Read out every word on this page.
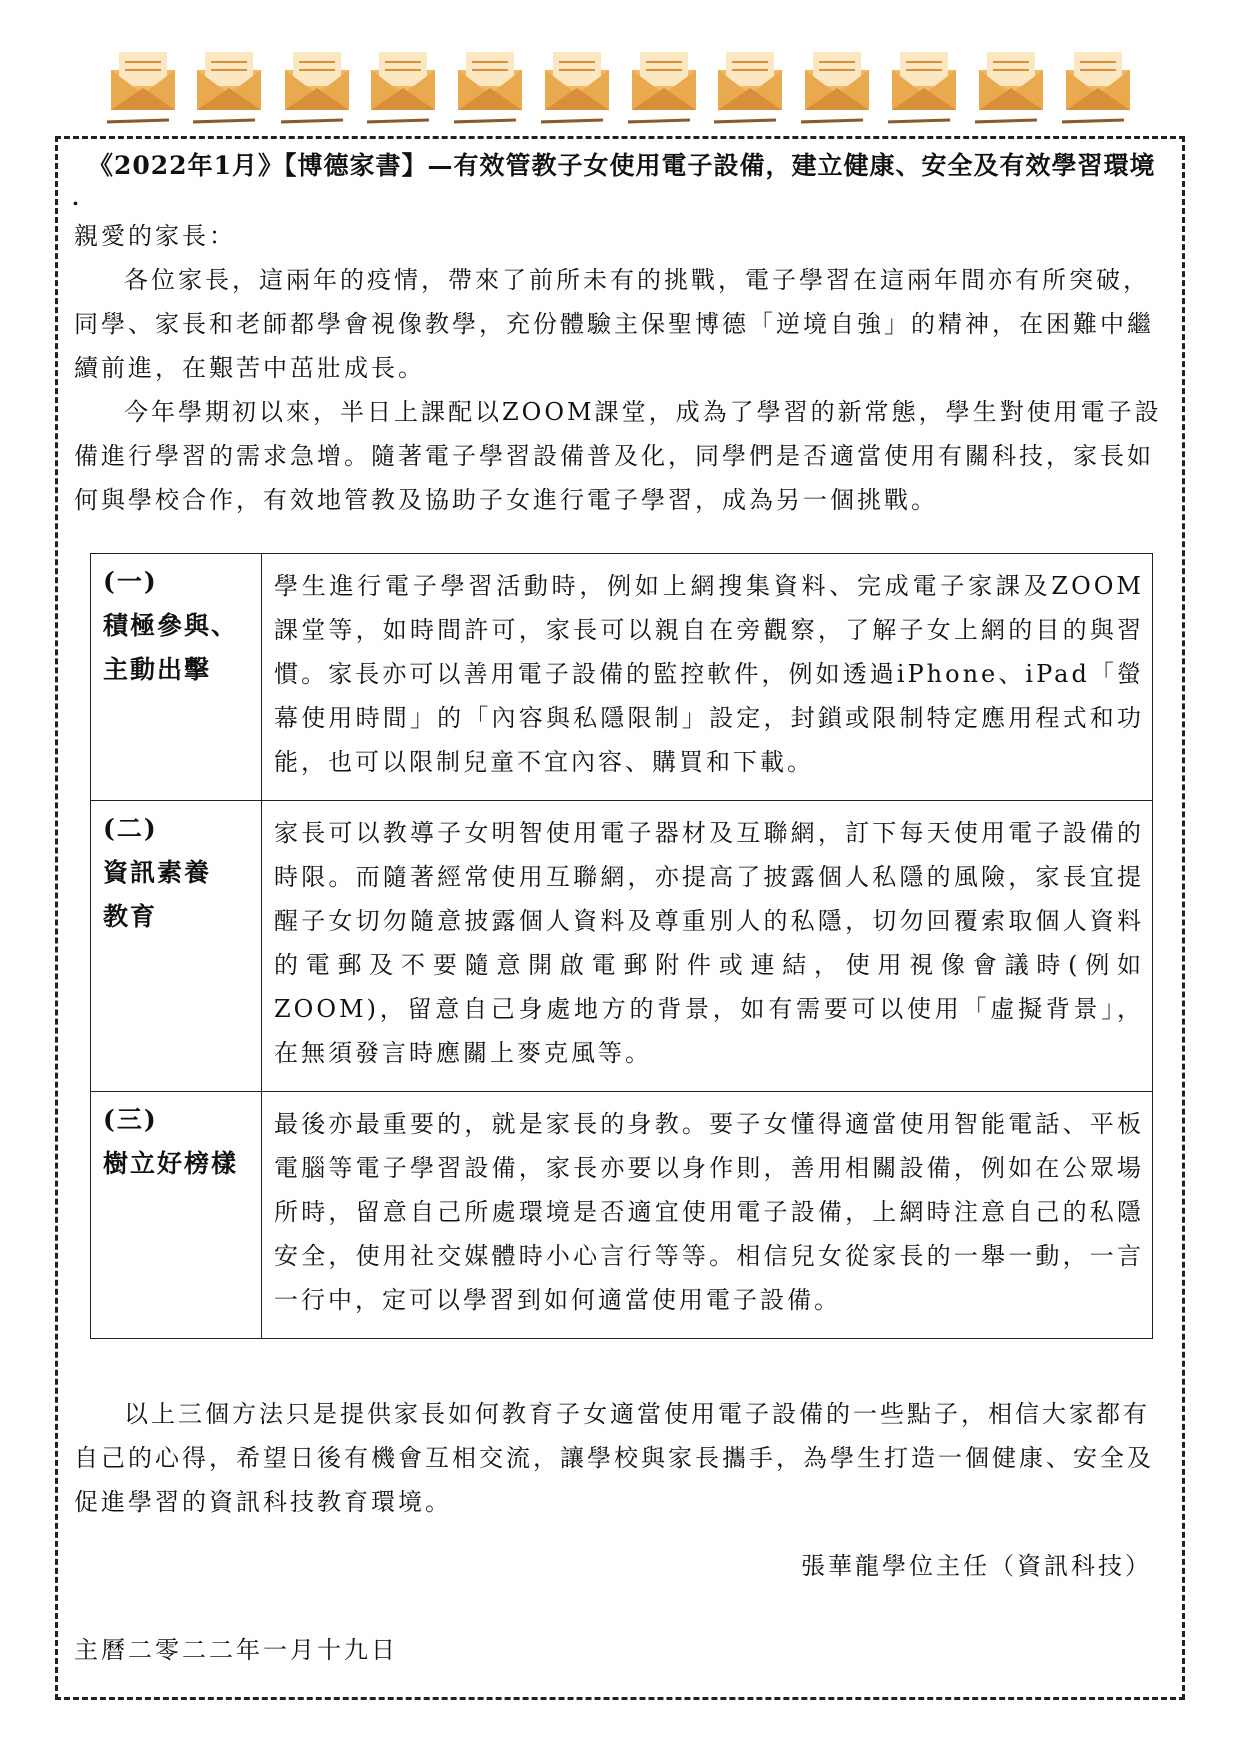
《2022年1月》【博德家書】—有效管教子女使用電子設備，建立健康、安全及有效學習環境
.

親愛的家長：

各位家長，這兩年的疫情，帶來了前所未有的挑戰，電子學習在這兩年間亦有所突破，同學、家長和老師都學會視像教學，充份體驗主保聖博德「逆境自強」的精神，在困難中繼續前進，在艱苦中茁壯成長。

今年學期初以來，半日上課配以ZOOM課堂，成為了學習的新常態，學生對使用電子設備進行學習的需求急增。隨著電子學習設備普及化，同學們是否適當使用有關科技，家長如何與學校合作，有效地管教及協助子女進行電子學習，成為另一個挑戰。

(一)
積極參與、主動出擊	學生進行電子學習活動時，例如上網搜集資料、完成電子家課及ZOOM課堂等，如時間許可，家長可以親自在旁觀察，了解子女上網的目的與習慣。家長亦可以善用電子設備的監控軟件，例如透過iPhone、iPad「螢幕使用時間」的「內容與私隱限制」設定，封鎖或限制特定應用程式和功能，也可以限制兒童不宜內容、購買和下載。

(二)
資訊素養教育	家長可以教導子女明智使用電子器材及互聯網，訂下每天使用電子設備的時限。而隨著經常使用互聯網，亦提高了披露個人私隱的風險，家長宜提醒子女切勿隨意披露個人資料及尊重別人的私隱，切勿回覆索取個人資料的電郵及不要隨意開啟電郵附件或連結，使用視像會議時(例如ZOOM)，留意自己身處地方的背景，如有需要可以使用「虛擬背景」，在無須發言時應關上麥克風等。

(三)
樹立好榜樣	最後亦最重要的，就是家長的身教。要子女懂得適當使用智能電話、平板電腦等電子學習設備，家長亦要以身作則，善用相關設備，例如在公眾場所時，留意自己所處環境是否適宜使用電子設備，上網時注意自己的私隱安全，使用社交媒體時小心言行等等。相信兒女從家長的一舉一動，一言一行中，定可以學習到如何適當使用電子設備。

以上三個方法只是提供家長如何教育子女適當使用電子設備的一些點子，相信大家都有自己的心得，希望日後有機會互相交流，讓學校與家長攜手，為學生打造一個健康、安全及促進學習的資訊科技教育環境。

張華龍學位主任（資訊科技）
主曆二零二二年一月十九日
